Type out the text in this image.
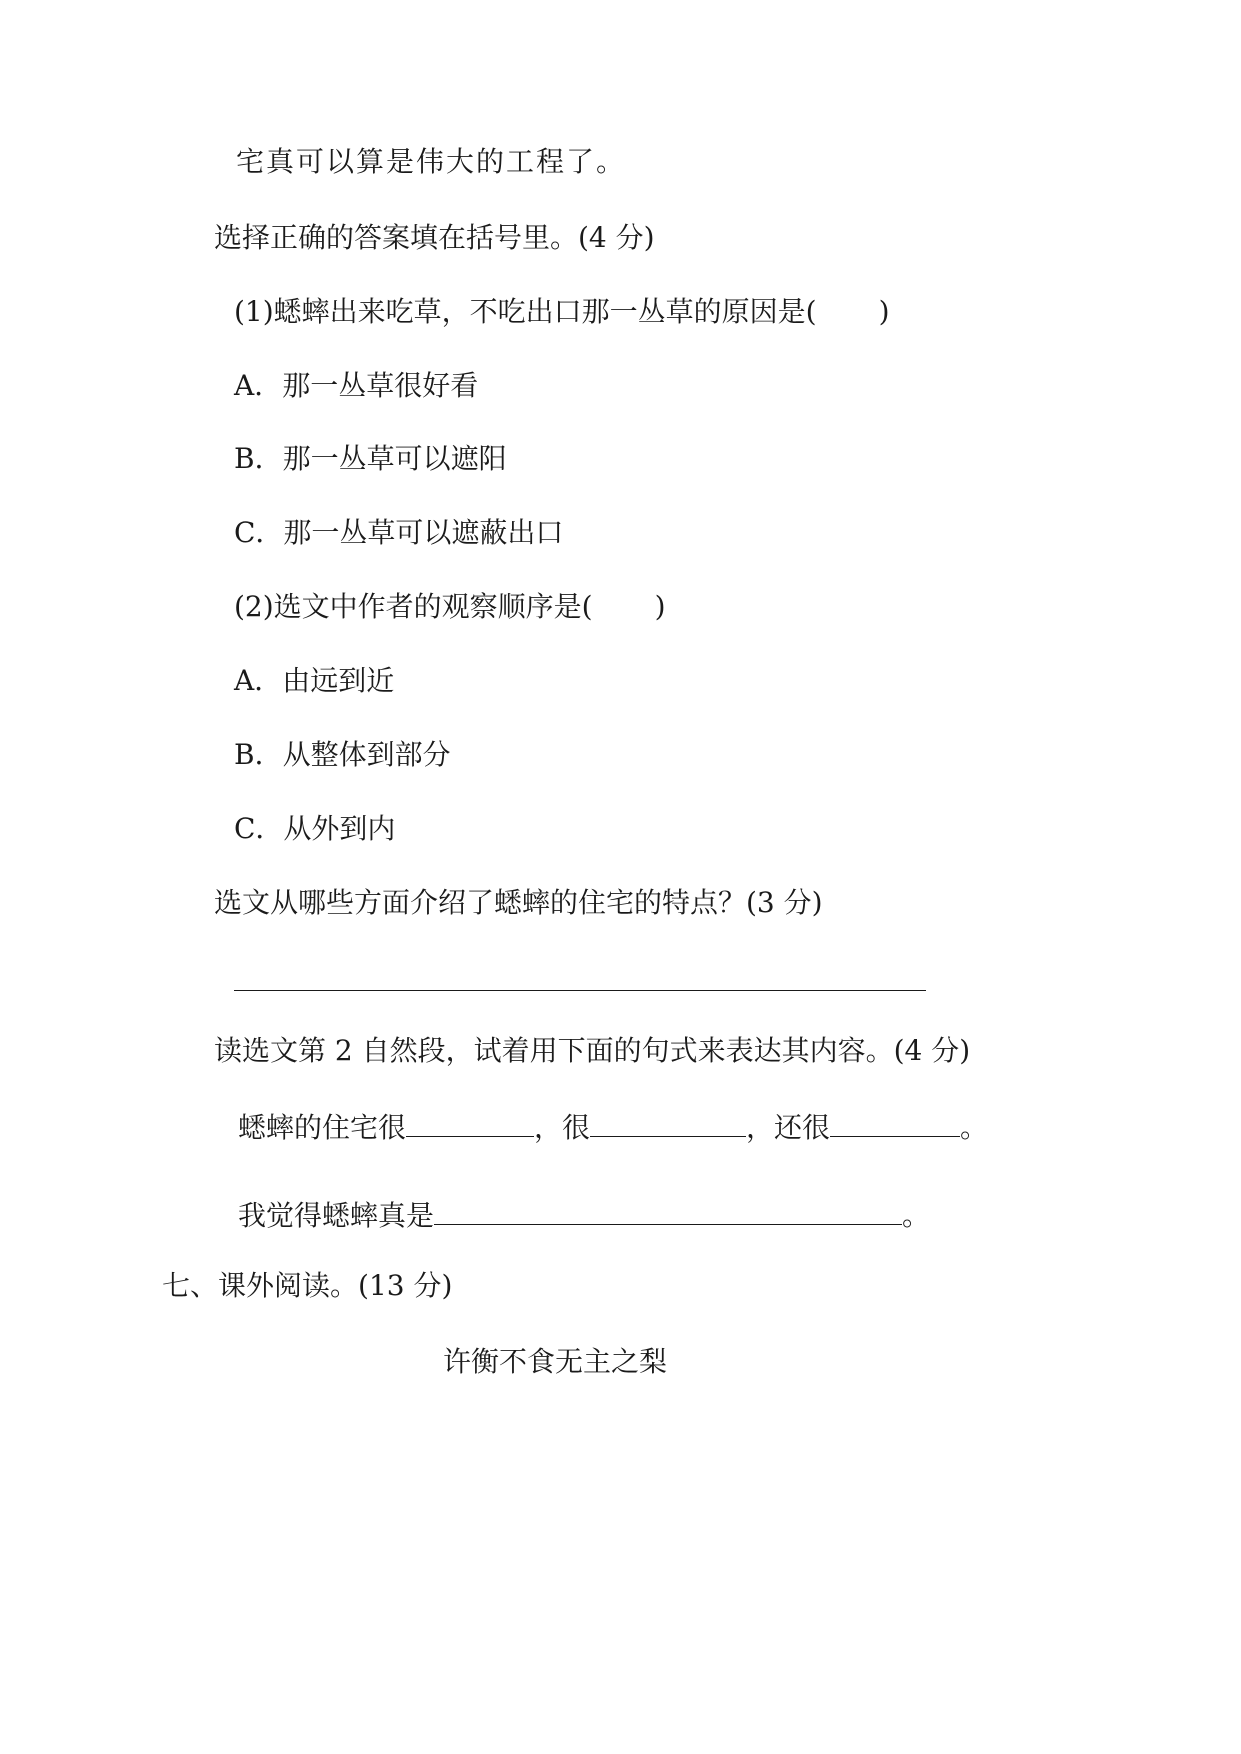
宅真可以算是伟大的工程了。
选择正确的答案填在括号里。(4 分)
(1)蟋蟀出来吃草，不吃出口那一丛草的原因是( )
A．那一丛草很好看
B．那一丛草可以遮阳
C．那一丛草可以遮蔽出口
(2)选文中作者的观察顺序是( )
A．由远到近
B．从整体到部分
C．从外到内
选文从哪些方面介绍了蟋蟀的住宅的特点？(3 分)
读选文第 2 自然段，试着用下面的句式来表达其内容。(4 分)
蟋蟀的住宅很	，很	，还很	。
我觉得蟋蟀真是	。
七、课外阅读。(13 分)
许衡不食无主之梨
